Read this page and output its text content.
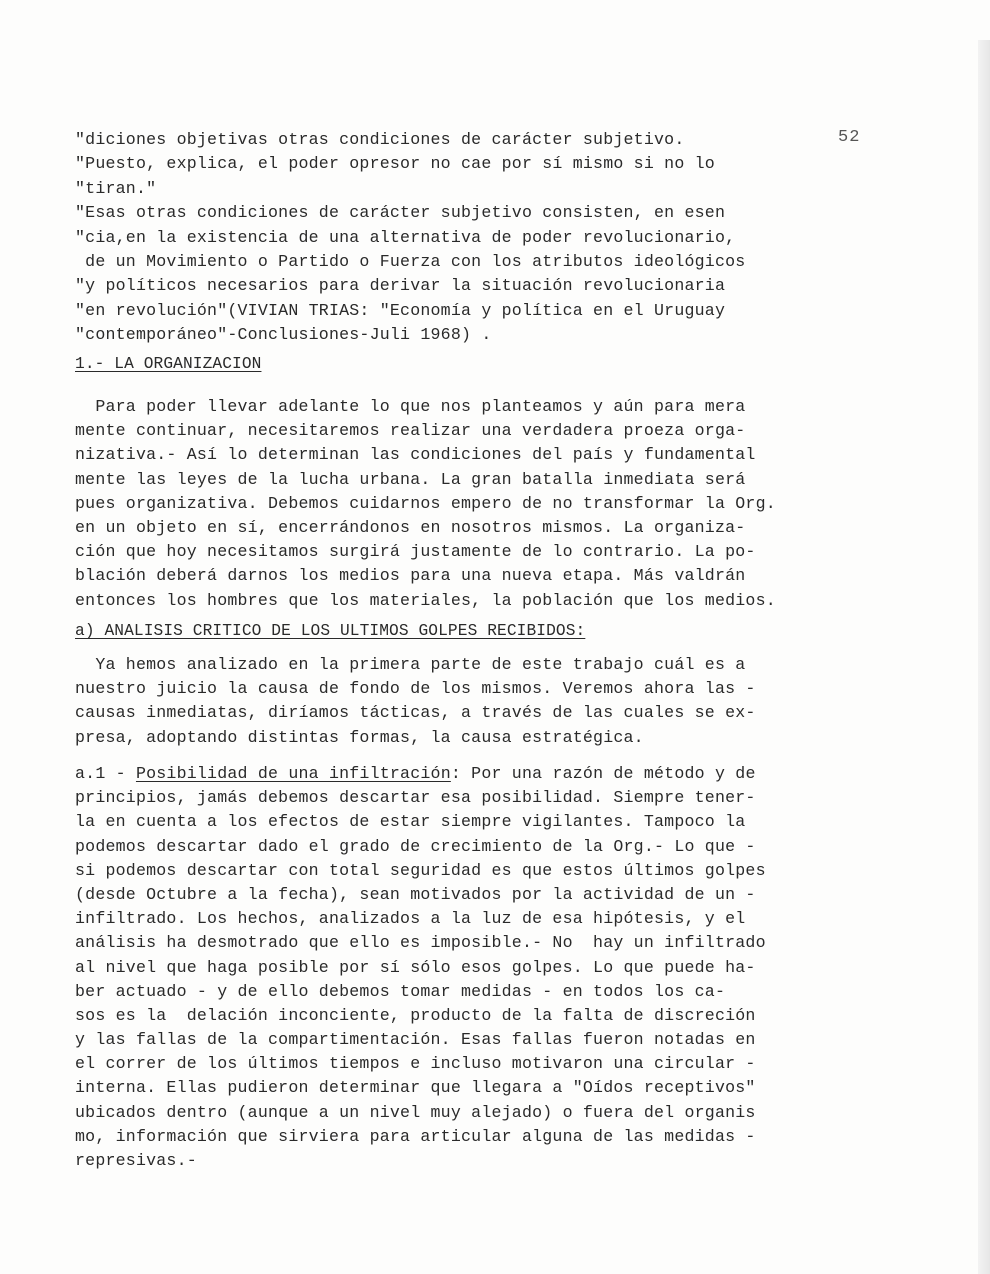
52
"diciones objetivas otras condiciones de carácter subjetivo.
"Puesto, explica, el poder opresor no cae por sí mismo si no lo
"tiran."
"Esas otras condiciones de carácter subjetivo consisten, en esen
"cia,en la existencia de una alternativa de poder revolucionario,
de un Movimiento o Partido o Fuerza con los atributos ideológicos
"y políticos necesarios para derivar la situación revolucionaria
"en revolución"(VIVIAN TRIAS: "Economía y política en el Uruguay
"contemporáneo"-Conclusiones-Juli 1968) .
1.- LA ORGANIZACION
Para poder llevar adelante lo que nos planteamos y aún para mera
mente continuar, necesitaremos realizar una verdadera proeza orga-
nizativa.- Así lo determinan las condiciones del país y fundamental
mente las leyes de la lucha urbana. La gran batalla inmediata será
pues organizativa. Debemos cuidarnos empero de no transformar la Org.
en un objeto en sí, encerrándonos en nosotros mismos. La organiza-
ción que hoy necesitamos surgirá justamente de lo contrario. La po-
blación deberá darnos los medios para una nueva etapa. Más valdrán
entonces los hombres que los materiales, la población que los medios.
a) ANALISIS CRITICO DE LOS ULTIMOS GOLPES RECIBIDOS:
Ya hemos analizado en la primera parte de este trabajo cuál es a
nuestro juicio la causa de fondo de los mismos. Veremos ahora las -
causas inmediatas, diríamos tácticas, a través de las cuales se ex-
presa, adoptando distintas formas, la causa estratégica.
a.1 - Posibilidad de una infiltración: Por una razón de método y de
principios, jamás debemos descartar esa posibilidad. Siempre tener-
la en cuenta a los efectos de estar siempre vigilantes. Tampoco la
podemos descartar dado el grado de crecimiento de la Org.- Lo que -
si podemos descartar con total seguridad es que estos últimos golpes
(desde Octubre a la fecha), sean motivados por la actividad de un -
infiltrado. Los hechos, analizados a la luz de esa hipótesis, y el
análisis ha desmotrado que ello es imposible.- No  hay un infiltrado
al nivel que haga posible por sí sólo esos golpes. Lo que puede ha-
ber actuado - y de ello debemos tomar medidas - en todos los ca-
sos es la  delación inconciente, producto de la falta de discreción
y las fallas de la compartimentación. Esas fallas fueron notadas en
el correr de los últimos tiempos e incluso motivaron una circular -
interna. Ellas pudieron determinar que llegara a "Oídos receptivos"
ubicados dentro (aunque a un nivel muy alejado) o fuera del organis
mo, información que sirviera para articular alguna de las medidas -
represivas.-
